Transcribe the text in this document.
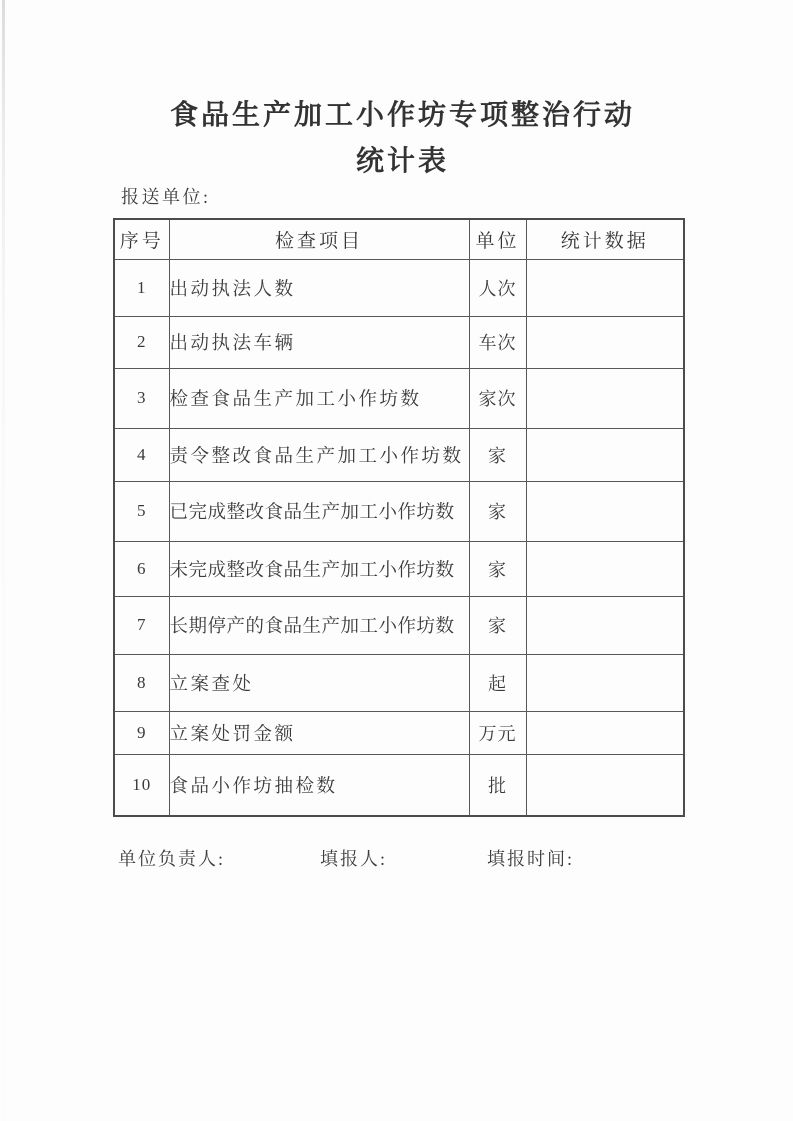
食品生产加工小作坊专项整治行动
统计表
报送单位:
序号	检查项目	单位	统计数据
1	出动执法人数	人次	
2	出动执法车辆	车次	
3	检查食品生产加工小作坊数	家次	
4	责令整改食品生产加工小作坊数	家	
5	已完成整改食品生产加工小作坊数	家	
6	未完成整改食品生产加工小作坊数	家	
7	长期停产的食品生产加工小作坊数	家	
8	立案查处	起	
9	立案处罚金额	万元	
10	食品小作坊抽检数	批	
单位负责人:	填报人:	填报时间:
